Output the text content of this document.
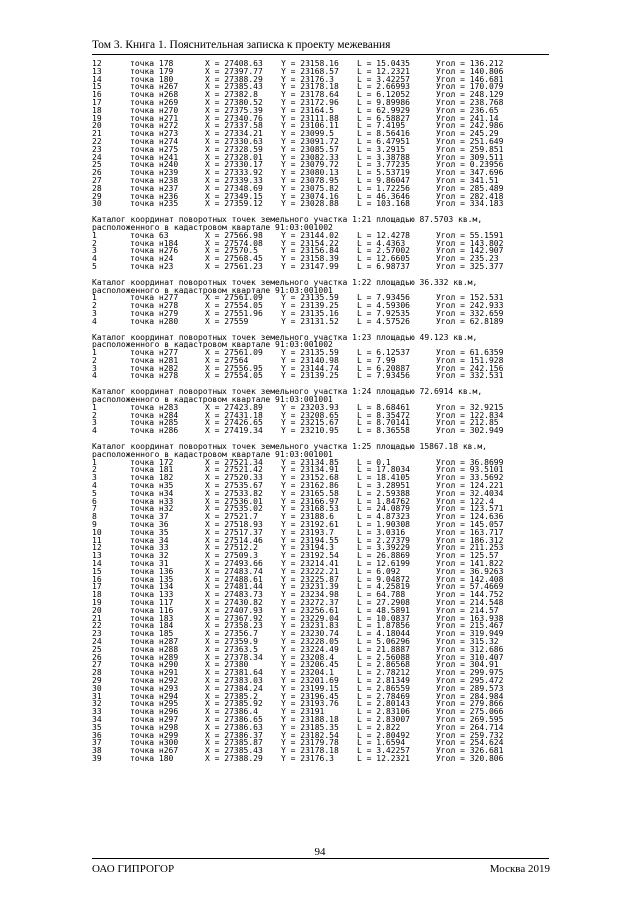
Том 3. Книга 1. Пояснительная записка к проекту межевания
12	точка 178	X = 27408.63 Y = 23158.16 L = 15.0435	Угол = 136.212
13	точка 179	X = 27397.77 Y = 23168.57 L = 12.2321	Угол = 140.806
14	точка 180	X = 27388.29 Y = 23176.3	L = 3.42257	Угол = 146.681
15	точка н267	X = 27385.43 Y = 23178.18 L = 2.66993	Угол = 170.079
16	точка н268	X = 27382.8	Y = 23178.64 L = 6.12052	Угол = 248.129
17	точка н269	X = 27380.52 Y = 23172.96 L = 9.89986	Угол = 238.768
18	точка н270	X = 27375.39 Y = 23164.5	L = 62.9929	Угол = 236.65
19	точка н271	X = 27340.76 Y = 23111.88 L = 6.58827	Угол = 241.14
20	точка н272	X = 27337.58 Y = 23106.11 L = 7.4195	Угол = 242.986
21	точка н273	X = 27334.21 Y = 23099.5	L = 8.56416	Угол = 245.29
22	точка н274	X = 27330.63 Y = 23091.72 L = 6.47951	Угол = 251.649
23	точка н275	X = 27328.59 Y = 23085.57 L = 3.2915	Угол = 259.851
24	точка н241	X = 27328.01 Y = 23082.33 L = 3.38788	Угол = 309.511
25	точка н240	X = 27330.17 Y = 23079.72 L = 3.77235	Угол = 0.23956
26	точка н239	X = 27333.92 Y = 23080.13 L = 5.53719	Угол = 347.696
27	точка н238	X = 27339.33 Y = 23078.95 L = 9.86047	Угол = 341.51
28	точка н237	X = 27348.69 Y = 23075.82 L = 1.72256	Угол = 285.489
29	точка н236	X = 27349.15 Y = 23074.16 L = 46.3646	Угол = 282.418
30	точка н235	X = 27359.12 Y = 23028.88 L = 103.168	Угол = 334.183
Каталог координат поворотных точек земельного участка 1:21 площадью 87.5703 кв.м,
расположенного в кадастровом квартале 91:03:001002
1	точка 63	X = 27566.98 Y = 23144.02 L = 12.4278	Угол = 55.1591
2	точка н184	X = 27574.08 Y = 23154.22 L = 4.4363	Угол = 143.802
3	точка н276	X = 27570.5	Y = 23156.84 L = 2.57002	Угол = 142.907
4	точка н24	X = 27568.45 Y = 23158.39 L = 12.6605	Угол = 235.23
5	точка н23	X = 27561.23 Y = 23147.99 L = 6.98737	Угол = 325.377
Каталог координат поворотных точек земельного участка 1:22 площадью 36.332 кв.м,
расположенного в кадастровом квартале 91:03:001001
1	точка н277	X = 27561.09 Y = 23135.59 L = 7.93456	Угол = 152.531
2	точка н278	X = 27554.05 Y = 23139.25 L = 4.59306	Угол = 242.933
3	точка н279	X = 27551.96 Y = 23135.16 L = 7.92535	Угол = 332.659
4	точка н280	X = 27559	Y = 23131.52 L = 4.57526	Угол = 62.8189
Каталог координат поворотных точек земельного участка 1:23 площадью 49.123 кв.м,
расположенного в кадастровом квартале 91:03:001002
1	точка н277	X = 27561.09 Y = 23135.59 L = 6.12537	Угол = 61.6359
2	точка н281	X = 27564	Y = 23140.98 L = 7.99	Угол = 151.928
3	точка н282	X = 27556.95 Y = 23144.74 L = 6.20887	Угол = 242.156
4	точка н278	X = 27554.05 Y = 23139.25 L = 7.93456	Угол = 332.531
Каталог координат поворотных точек земельного участка 1:24 площадью 72.6914 кв.м,
расположенного в кадастровом квартале 91:03:001001
1	точка н283	X = 27423.89 Y = 23203.93 L = 8.68461	Угол = 32.9215
2	точка н284	X = 27431.18 Y = 23208.65 L = 8.35472	Угол = 122.834
3	точка н285	X = 27426.65 Y = 23215.67 L = 8.70141	Угол = 212.85
4	точка н286	X = 27419.34 Y = 23210.95 L = 8.36558	Угол = 302.949
Каталог координат поворотных точек земельного участка 1:25 площадью 15867.18 кв.м,
расположенного в кадастровом квартале 91:03:001001
1	точка 172	X = 27521.34 Y = 23134.85 L = 0.1	Угол = 36.8699
2	точка 181	X = 27521.42 Y = 23134.91 L = 17.8034	Угол = 93.5101
3	точка 182	X = 27520.33 Y = 23152.68 L = 18.4105	Угол = 33.5692
4	точка н35	X = 27535.67 Y = 23162.86 L = 3.28951	Угол = 124.221
5	точка н34	X = 27533.82 Y = 23165.58 L = 2.59388	Угол = 32.4034
6	точка н33	X = 27536.01 Y = 23166.97 L = 1.84762	Угол = 122.4
7	точка н32	X = 27535.02 Y = 23168.53 L = 24.0879	Угол = 123.571
8	точка 37	X = 27521.7	Y = 23188.6	L = 4.87323	Угол = 124.636
9	точка 36	X = 27518.93 Y = 23192.61 L = 1.90308	Угол = 145.057
10	точка 35	X = 27517.37 Y = 23193.7	L = 3.0316	Угол = 163.717
11	точка 34	X = 27514.46 Y = 23194.55 L = 2.27379	Угол = 186.312
12	точка 33	X = 27512.2	Y = 23194.3	L = 3.39229	Угол = 211.253
13	точка 32	X = 27509.3	Y = 23192.54 L = 26.8869	Угол = 125.57
14	точка 31	X = 27493.66 Y = 23214.41 L = 12.6199	Угол = 141.822
15	точка 136	X = 27483.74 Y = 23222.21 L = 6.092	Угол = 36.9263
16	точка 135	X = 27488.61 Y = 23225.87 L = 9.04872	Угол = 142.408
17	точка 134	X = 27481.44 Y = 23231.39 L = 4.25819	Угол = 57.4669
18	точка 133	X = 27483.73 Y = 23234.98 L = 64.788	Угол = 144.752
19	точка 117	X = 27430.82 Y = 23272.37 L = 27.2908	Угол = 214.548
20	точка 116	X = 27407.93 Y = 23256.61 L = 48.5891	Угол = 214.57
21	точка 183	X = 27367.92 Y = 23229.04 L = 10.0837	Угол = 163.938
22	точка 184	X = 27358.23 Y = 23231.83 L = 1.87856	Угол = 215.467
23	точка 185	X = 27356.7	Y = 23230.74 L = 4.18044	Угол = 319.949
24	точка н287	X = 27359.9	Y = 23228.05 L = 5.06296	Угол = 315.32
25	точка н288	X = 27363.5	Y = 23224.49 L = 21.8887	Угол = 312.686
26	точка н289	X = 27378.34 Y = 23208.4	L = 2.56088	Угол = 310.407
27	точка н290	X = 27380	Y = 23206.45 L = 2.86568	Угол = 304.91
28	точка н291	X = 27381.64 Y = 23204.1	L = 2.78212	Угол = 299.975
29	точка н292	X = 27383.03 Y = 23201.69 L = 2.81349	Угол = 295.472
30	точка н293	X = 27384.24 Y = 23199.15 L = 2.86559	Угол = 289.573
31	точка н294	X = 27385.2	Y = 23196.45 L = 2.78469	Угол = 284.984
32	точка н295	X = 27385.92 Y = 23193.76 L = 2.80143	Угол = 279.866
33	точка н296	X = 27386.4	Y = 23191	L = 2.83106	Угол = 275.066
34	точка н297	X = 27386.65 Y = 23188.18 L = 2.83007	Угол = 269.595
35	точка н298	X = 27386.63 Y = 23185.35 L = 2.822	Угол = 264.714
36	точка н299	X = 27386.37 Y = 23182.54 L = 2.80492	Угол = 259.732
37	точка н300	X = 27385.87 Y = 23179.78 L = 1.6594	Угол = 254.624
38	точка н267	X = 27385.43 Y = 23178.18 L = 3.42257	Угол = 326.681
39	точка 180	X = 27388.29 Y = 23176.3	L = 12.2321	Угол = 320.806
94
ОАО ГИПРОГОР	Москва 2019
